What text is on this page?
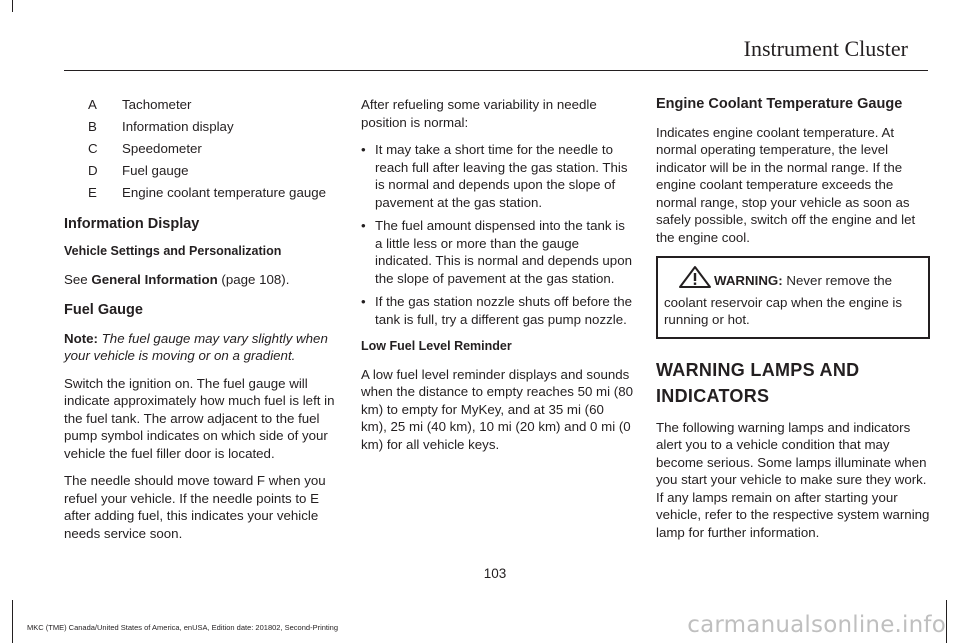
Instrument Cluster
A	Tachometer
B	Information display
C	Speedometer
D	Fuel gauge
E	Engine coolant temperature gauge
Information Display
Vehicle Settings and Personalization

See General Information (page 108).

Fuel Gauge

Note: The fuel gauge may vary slightly when your vehicle is moving or on a gradient.

Switch the ignition on. The fuel gauge will indicate approximately how much fuel is left in the fuel tank. The arrow adjacent to the fuel pump symbol indicates on which side of your vehicle the fuel filler door is located.

The needle should move toward F when you refuel your vehicle. If the needle points to E after adding fuel, this indicates your vehicle needs service soon.

After refueling some variability in needle position is normal:

• It may take a short time for the needle to reach full after leaving the gas station. This is normal and depends upon the slope of pavement at the gas station.
• The fuel amount dispensed into the tank is a little less or more than the gauge indicated. This is normal and depends upon the slope of pavement at the gas station.
• If the gas station nozzle shuts off before the tank is full, try a different gas pump nozzle.
Low Fuel Level Reminder

A low fuel level reminder displays and sounds when the distance to empty reaches 50 mi (80 km) to empty for MyKey, and at 35 mi (60 km), 25 mi (40 km), 10 mi (20 km) and 0 mi (0 km) for all vehicle keys.

Engine Coolant Temperature Gauge

Indicates engine coolant temperature. At normal operating temperature, the level indicator will be in the normal range. If the engine coolant temperature exceeds the normal range, stop your vehicle as soon as safely possible, switch off the engine and let the engine cool.

WARNING: Never remove the coolant reservoir cap when the engine is running or hot.
WARNING LAMPS AND
INDICATORS

The following warning lamps and indicators alert you to a vehicle condition that may become serious. Some lamps illuminate when you start your vehicle to make sure they work. If any lamps remain on after starting your vehicle, refer to the respective system warning lamp for further information.

103
MKC (TME) Canada/United States of America, enUSA, Edition date: 201802, Second-Printing	carmanualsonline.info
